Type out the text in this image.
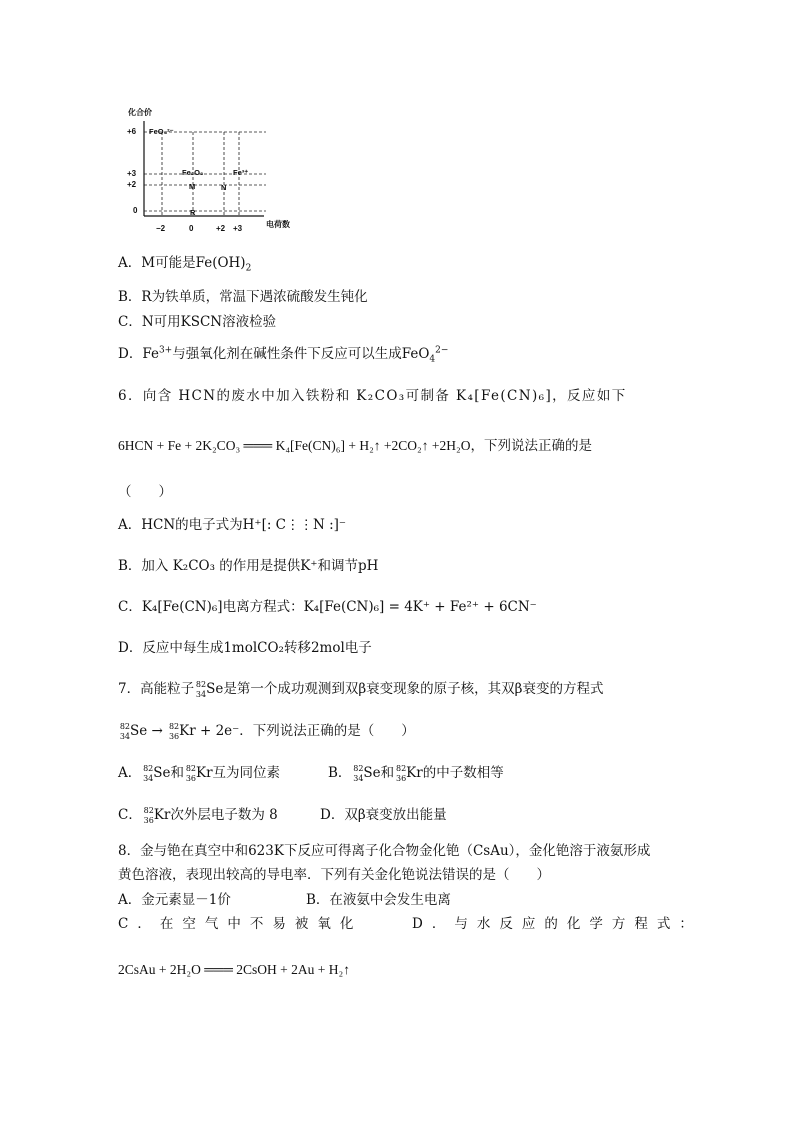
化合价
+6
+3
+2
0
−2	0	+2 +3	电荷数
FeO₄²⁻
Fe₂O₃
M
R
Fe³⁺
N
A．M可能是$Fe(OH)_2$
B．R为铁单质，常温下遇浓硫酸发生钝化
C．N可用KSCN溶液检验
D．$Fe^{3+}$与强氧化剂在碱性条件下反应可以生成FeO$_4^{2-}$
6．向含 HCN的废水中加入铁粉和 K₂CO₃可制备 K₄[Fe(CN)₆]，反应如下
6HCN + Fe + 2K₂CO₃ ═══ K₄[Fe(CN)₆] + H₂↑ +2CO₂↑ +2H₂O，下列说法正确的是
（　　）
A．HCN的电子式为H⁺[: C⋮⋮N :]⁻
B．加入 K₂CO₃ 的作用是提供K⁺和调节pH
C．K₄[Fe(CN)₆]电离方程式：K₄[Fe(CN)₆] = 4K⁺ + Fe²⁺ + 6CN⁻
D．反应中每生成1molCO₂转移2mol电子
7．高能粒子 82
34 Se是第一个成功观测到双β衰变现象的原子核，其双β衰变的方程式
82
34 Se → 82
36 Kr + 2e⁻．下列说法正确的是（　　）
A． 82
34 Se和 82
36 Kr互为同位素	B． 82
34 Se和 82
36 Kr的中子数相等
C． 82
36 Kr次外层电子数为 8	D．双β衰变放出能量
8．金与铯在真空中和623K下反应可得离子化合物金化铯（CsAu），金化铯溶于液氨形成
黄色溶液，表现出较高的导电率．下列有关金化铯说法错误的是（　　）
A．金元素显－1价	B．在液氨中会发生电离
C．在空气中不易被氧化	D．与水反应的化学方程式：
2CsAu + 2H₂O ═══ 2CsOH + 2Au + H₂↑
